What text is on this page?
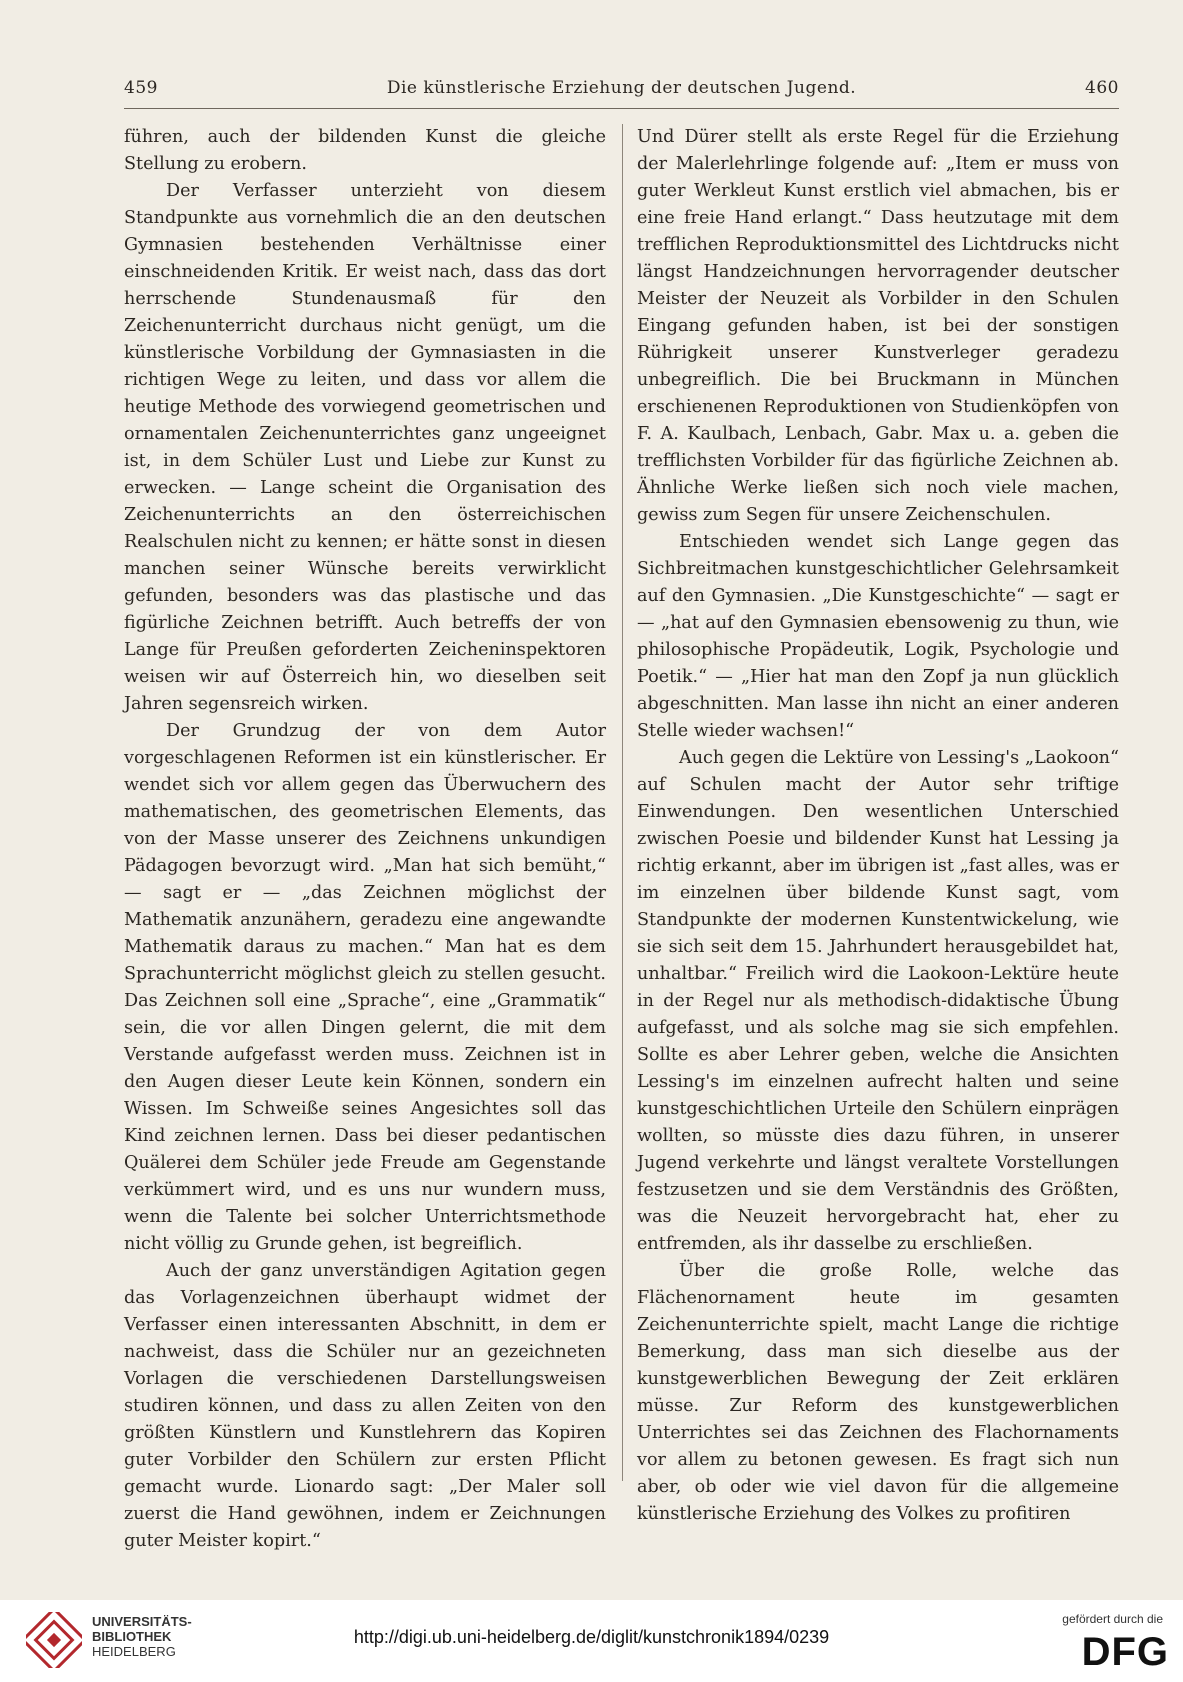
459	Die künstlerische Erziehung der deutschen Jugend.	460

führen, auch der bildenden Kunst die gleiche Stellung zu erobern.

Der Verfasser unterzieht von diesem Standpunkte aus vornehmlich die an den deutschen Gymnasien bestehenden Verhältnisse einer einschneidenden Kritik. Er weist nach, dass das dort herrschende Stundenausmaß für den Zeichenunterricht durchaus nicht genügt, um die künstlerische Vorbildung der Gymnasiasten in die richtigen Wege zu leiten, und dass vor allem die heutige Methode des vorwiegend geometrischen und ornamentalen Zeichenunterrichtes ganz ungeeignet ist, in dem Schüler Lust und Liebe zur Kunst zu erwecken. — Lange scheint die Organisation des Zeichenunterrichts an den österreichischen Realschulen nicht zu kennen; er hätte sonst in diesen manchen seiner Wünsche bereits verwirklicht gefunden, besonders was das plastische und das figürliche Zeichnen betrifft. Auch betreffs der von Lange für Preußen geforderten Zeicheninspektoren weisen wir auf Österreich hin, wo dieselben seit Jahren segensreich wirken.

Der Grundzug der von dem Autor vorgeschlagenen Reformen ist ein künstlerischer. Er wendet sich vor allem gegen das Überwuchern des mathematischen, des geometrischen Elements, das von der Masse unserer des Zeichnens unkundigen Pädagogen bevorzugt wird. „Man hat sich bemüht,“ — sagt er — „das Zeichnen möglichst der Mathematik anzunähern, geradezu eine angewandte Mathematik daraus zu machen.“ Man hat es dem Sprachunterricht möglichst gleich zu stellen gesucht. Das Zeichnen soll eine „Sprache“, eine „Grammatik“ sein, die vor allen Dingen gelernt, die mit dem Verstande aufgefasst werden muss. Zeichnen ist in den Augen dieser Leute kein Können, sondern ein Wissen. Im Schweiße seines Angesichtes soll das Kind zeichnen lernen. Dass bei dieser pedantischen Quälerei dem Schüler jede Freude am Gegenstande verkümmert wird, und es uns nur wundern muss, wenn die Talente bei solcher Unterrichtsmethode nicht völlig zu Grunde gehen, ist begreiflich.

Auch der ganz unverständigen Agitation gegen das Vorlagenzeichnen überhaupt widmet der Verfasser einen interessanten Abschnitt, in dem er nachweist, dass die Schüler nur an gezeichneten Vorlagen die verschiedenen Darstellungsweisen studiren können, und dass zu allen Zeiten von den größten Künstlern und Kunstlehrern das Kopiren guter Vorbilder den Schülern zur ersten Pflicht gemacht wurde. Lionardo sagt: „Der Maler soll zuerst die Hand gewöhnen, indem er Zeichnungen guter Meister kopirt.“

Und Dürer stellt als erste Regel für die Erziehung der Malerlehrlinge folgende auf: „Item er muss von guter Werkleut Kunst erstlich viel abmachen, bis er eine freie Hand erlangt.“ Dass heutzutage mit dem trefflichen Reproduktionsmittel des Lichtdrucks nicht längst Handzeichnungen hervorragender deutscher Meister der Neuzeit als Vorbilder in den Schulen Eingang gefunden haben, ist bei der sonstigen Rührigkeit unserer Kunstverleger geradezu unbegreiflich. Die bei Bruckmann in München erschienenen Reproduktionen von Studienköpfen von F. A. Kaulbach, Lenbach, Gabr. Max u. a. geben die trefflichsten Vorbilder für das figürliche Zeichnen ab. Ähnliche Werke ließen sich noch viele machen, gewiss zum Segen für unsere Zeichenschulen.

Entschieden wendet sich Lange gegen das Sichbreitmachen kunstgeschichtlicher Gelehrsamkeit auf den Gymnasien. „Die Kunstgeschichte“ — sagt er — „hat auf den Gymnasien ebensowenig zu thun, wie philosophische Propädeutik, Logik, Psychologie und Poetik.“ — „Hier hat man den Zopf ja nun glücklich abgeschnitten. Man lasse ihn nicht an einer anderen Stelle wieder wachsen!“

Auch gegen die Lektüre von Lessing's „Laokoon“ auf Schulen macht der Autor sehr triftige Einwendungen. Den wesentlichen Unterschied zwischen Poesie und bildender Kunst hat Lessing ja richtig erkannt, aber im übrigen ist „fast alles, was er im einzelnen über bildende Kunst sagt, vom Standpunkte der modernen Kunstentwickelung, wie sie sich seit dem 15. Jahrhundert herausgebildet hat, unhaltbar.“ Freilich wird die Laokoon-Lektüre heute in der Regel nur als methodisch-didaktische Übung aufgefasst, und als solche mag sie sich empfehlen. Sollte es aber Lehrer geben, welche die Ansichten Lessing's im einzelnen aufrecht halten und seine kunstgeschichtlichen Urteile den Schülern einprägen wollten, so müsste dies dazu führen, in unserer Jugend verkehrte und längst veraltete Vorstellungen festzusetzen und sie dem Verständnis des Größten, was die Neuzeit hervorgebracht hat, eher zu entfremden, als ihr dasselbe zu erschließen.

Über die große Rolle, welche das Flächenornament heute im gesamten Zeichenunterrichte spielt, macht Lange die richtige Bemerkung, dass man sich dieselbe aus der kunstgewerblichen Bewegung der Zeit erklären müsse. Zur Reform des kunstgewerblichen Unterrichtes sei das Zeichnen des Flachornaments vor allem zu betonen gewesen. Es fragt sich nun aber, ob oder wie viel davon für die allgemeine künstlerische Erziehung des Volkes zu profitiren

UNIVERSITÄTS-
BIBLIOTHEK
HEIDELBERG
http://digi.ub.uni-heidelberg.de/diglit/kunstchronik1894/0239
gefördert durch die
DFG
